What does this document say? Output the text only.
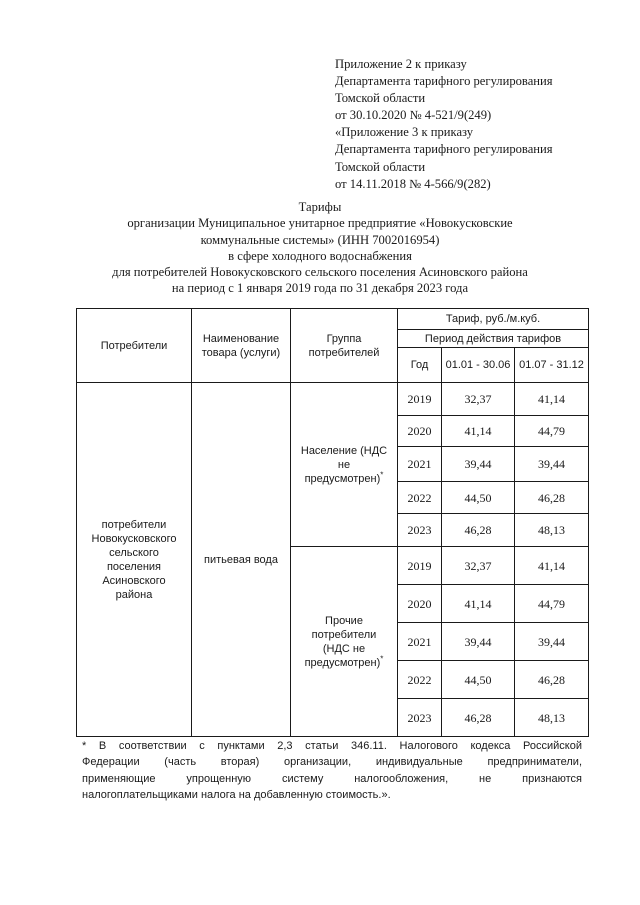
Приложение 2 к приказу
Департамента тарифного регулирования
Томской области
от 30.10.2020 № 4-521/9(249)
«Приложение 3 к приказу
Департамента тарифного регулирования
Томской области
от 14.11.2018 № 4-566/9(282)
Тарифы
организации Муниципальное унитарное предприятие «Новокусковские
коммунальные системы» (ИНН 7002016954)
в сфере холодного водоснабжения
для потребителей Новокусковского сельского поселения Асиновского района
на период с 1 января 2019 года по 31 декабря 2023 года
Потребители	Наименование товара (услуги)	Группа потребителей	Тариф, руб./м.куб.		
			Период действия тарифов		
			Год	01.01 - 30.06	01.07 - 31.12
потребители Новокусковского сельского поселения Асиновского района	питьевая вода	Население (НДС не предусмотрен)*	2019	32,37	41,14
			2020	41,14	44,79
			2021	39,44	39,44
			2022	44,50	46,28
			2023	46,28	48,13
		Прочие потребители (НДС не предусмотрен)*	2019	32,37	41,14
			2020	41,14	44,79
			2021	39,44	39,44
			2022	44,50	46,28
			2023	46,28	48,13
* В соответствии с пунктами 2,3 статьи 346.11. Налогового кодекса Российской
Федерации (часть вторая) организации, индивидуальные предприниматели,
применяющие упрощенную систему налогообложения, не признаются
налогоплательщиками налога на добавленную стоимость.».
